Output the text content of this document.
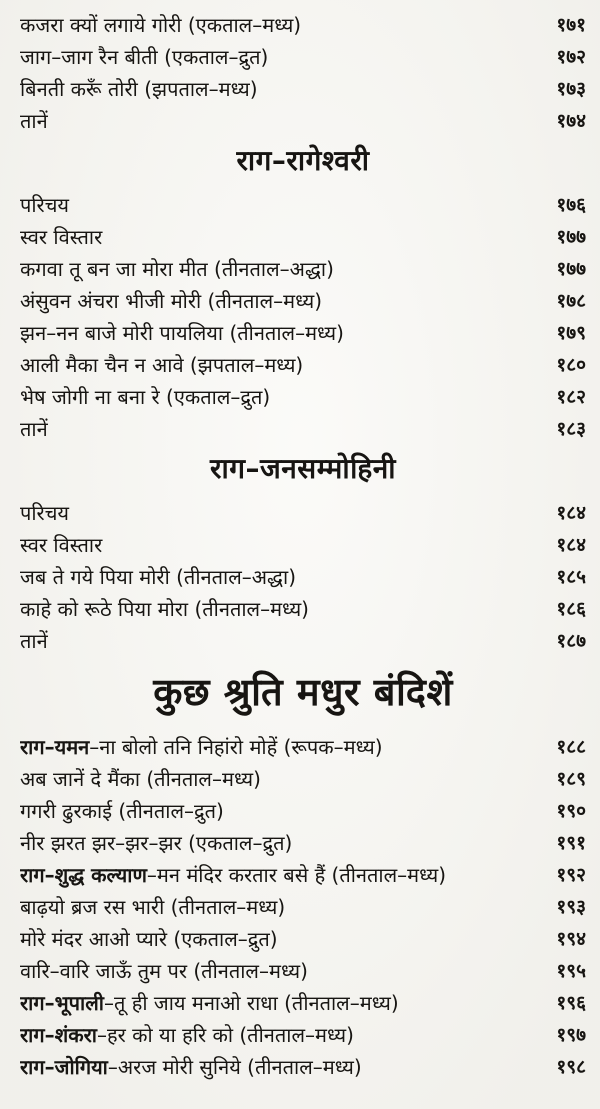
कजरा क्यों लगाये गोरी (एकताल–मध्य)	१७१
जाग–जाग रैन बीती (एकताल–द्रुत)	१७२
बिनती करूँ तोरी (झपताल–मध्य)	१७३
तानें	१७४
राग–रागेश्वरी
परिचय	१७६
स्वर विस्तार	१७७
कगवा तू बन जा मोरा मीत (तीनताल–अद्धा)	१७७
अंसुवन अंचरा भीजी मोरी (तीनताल–मध्य)	१७८
झन–नन बाजे मोरी पायलिया (तीनताल–मध्य)	१७९
आली मैका चैन न आवे (झपताल–मध्य)	१८०
भेष जोगी ना बना रे (एकताल–द्रुत)	१८२
तानें	१८३
राग–जनसम्मोहिनी
परिचय	१८४
स्वर विस्तार	१८४
जब ते गये पिया मोरी (तीनताल–अद्धा)	१८५
काहे को रूठे पिया मोरा (तीनताल–मध्य)	१८६
तानें	१८७
कुछ श्रुति मधुर बंदिशें
राग–यमन–ना बोलो तनि निहांरो मोहें (रूपक–मध्य)	१८८
अब जानें दे मैंका (तीनताल–मध्य)	१८९
गगरी ढुरकाई (तीनताल–द्रुत)	१९०
नीर झरत झर–झर–झर (एकताल–द्रुत)	१९१
राग–शुद्ध कल्याण–मन मंदिर करतार बसे हैं (तीनताल–मध्य)	१९२
बाढ़यो ब्रज रस भारी (तीनताल–मध्य)	१९३
मोरे मंदर आओ प्यारे (एकताल–द्रुत)	१९४
वारि–वारि जाऊँ तुम पर (तीनताल–मध्य)	१९५
राग–भूपाली–तू ही जाय मनाओ राधा (तीनताल–मध्य)	१९६
राग–शंकरा–हर को या हरि को (तीनताल–मध्य)	१९७
राग–जोगिया–अरज मोरी सुनिये (तीनताल–मध्य)	१९८
